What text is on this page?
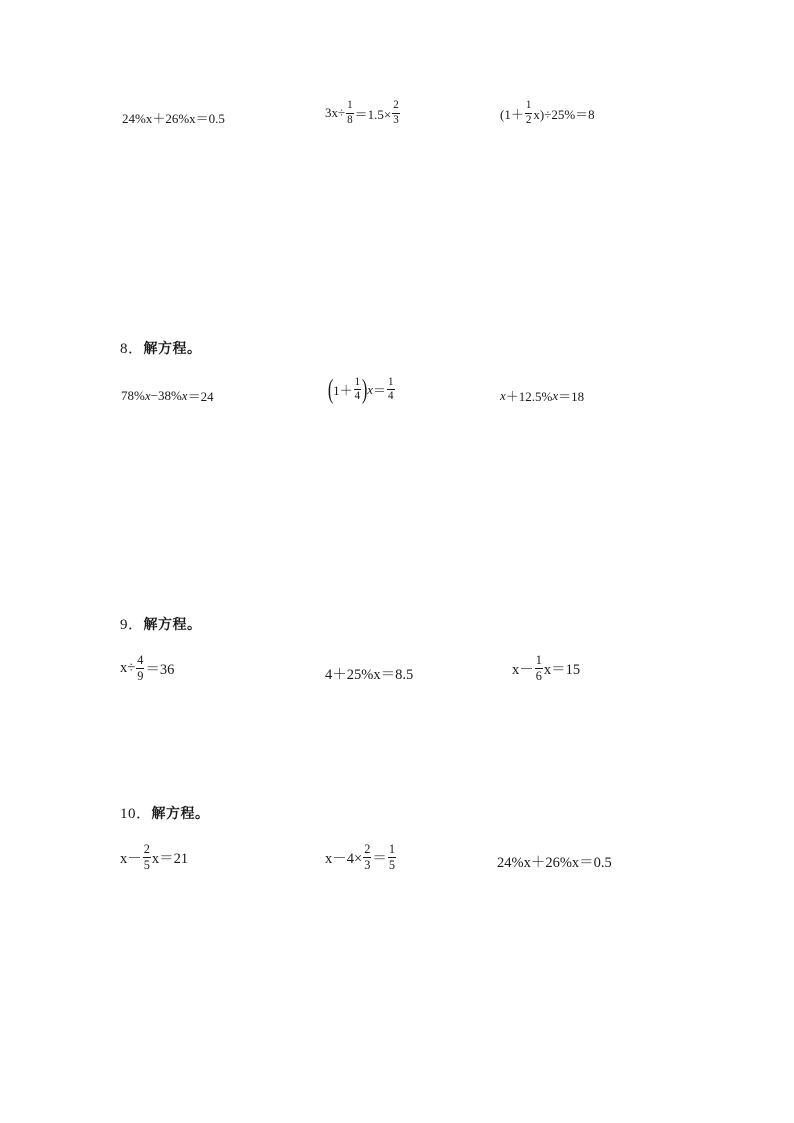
24%x＋26%x＝0.5	$3x\div \frac{1}{8} =1.5\times \frac{2}{3}$	$(1+ \frac{1}{2} x)\div 25\%=8$
8．解方程。
78% x −38% x ＝24	( $1+ \frac{1}{4}$ ) $x = \frac{1}{4}$	x ＋12.5% x ＝18
9．解方程。
$x\div \frac{4}{9} =36$	4＋25%x＝8.5	$x- \frac{1}{6} x=15$
10．解方程。
$x- \frac{2}{5} x=21$	$x-4\times \frac{2}{3} = \frac{1}{5}$	24%x＋26%x＝0.5
